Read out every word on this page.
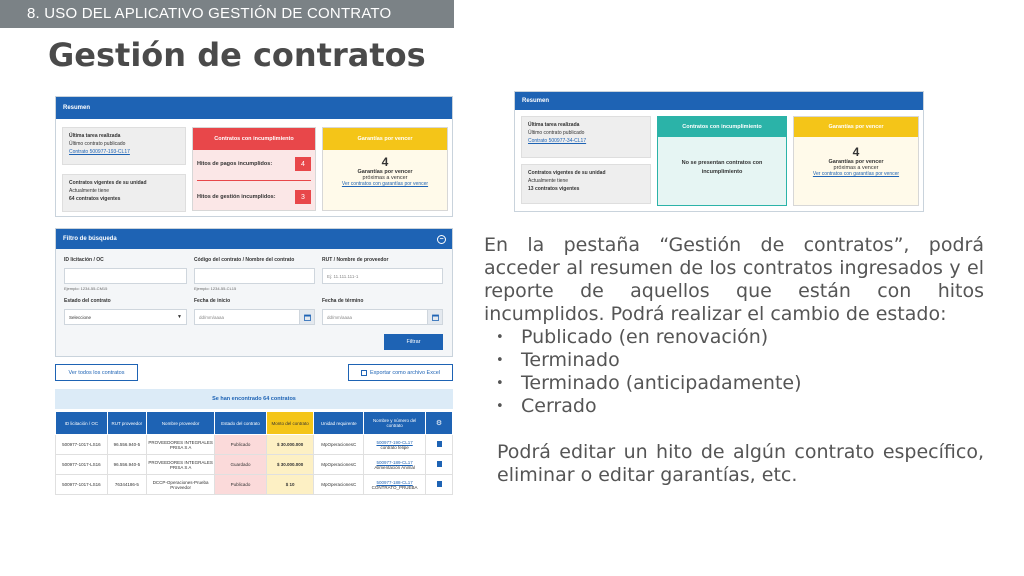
8. USO DEL APLICATIVO GESTIÓN DE CONTRATO
Gestión de contratos
Resumen
Última tarea realizada
Último contrato publicado
Contrato 500977-193-CL17
Contratos vigentes de su unidad
Actualmente tiene
64 contratos vigentes
Contratos con incumplimiento
Hitos de pagos incumplidos:	4
Hitos de gestión incumplidos:	3
Garantías por vencer
4
Garantías por vencer
próximas a vencer
Ver contratos con garantías por vencer
Filtro de búsqueda	−
ID licitación / OC
Ejemplo: 1234-55-CM15
Código del contrato / Nombre del contrato
Ejemplo: 1234-55-CL15
RUT / Nombre de proveedor
Ej: 11.111.111-1
Estado del contrato
Seleccione	▼
Fecha de inicio
dd/mm/aaaa
Fecha de término
dd/mm/aaaa
Filtrar
Ver todos los contratos	Exportar como archivo Excel
Se han encontrado 64 contratos
ID licitación / OC	RUT proveedor	Nombre proveedor	Estado del contrato	Monto del contrato	Unidad requirente	Nombre y número del contrato	⚙
500977-1017-LS16	96.556.940-5	PROVEEDORES INTEGRALES PRISA S A	Publicado	$ 30.000.000	MpOperacionesC	500977-190-CL17
contrato felipe	

500977-1017-LS16	96.556.940-5	PROVEEDORES INTEGRALES PRISA S A	Guardado	$ 30.000.000	MpOperacionesC	500977-189-CL17
Alimentación Animal	

500977-1017-LS16	76344186-5	DCCP-Operaciones-Prueba Proveedor	Publicado	$ 10	MpOperacionesC	500977-188-CL17
CONTRATO_PRUEBA	

Resumen
Última tarea realizada
Último contrato publicado
Contrato 500977-34-CL17
Contratos vigentes de su unidad
Actualmente tiene
13 contratos vigentes
Contratos con incumplimiento
No se presentan contratos con incumplimiento
Garantías por vencer
4
Garantías por vencer
próximas a vencer
Ver contratos con garantías por vencer

En la pestaña “Gestión de contratos”, podrá acceder al resumen de los contratos ingresados y el reporte de aquellos que están con hitos incumplidos. Podrá realizar el cambio de estado:

• Publicado (en renovación)
• Terminado
• Terminado (anticipadamente)
• Cerrado

Podrá editar un hito de algún contrato específico, eliminar o editar garantías, etc.
